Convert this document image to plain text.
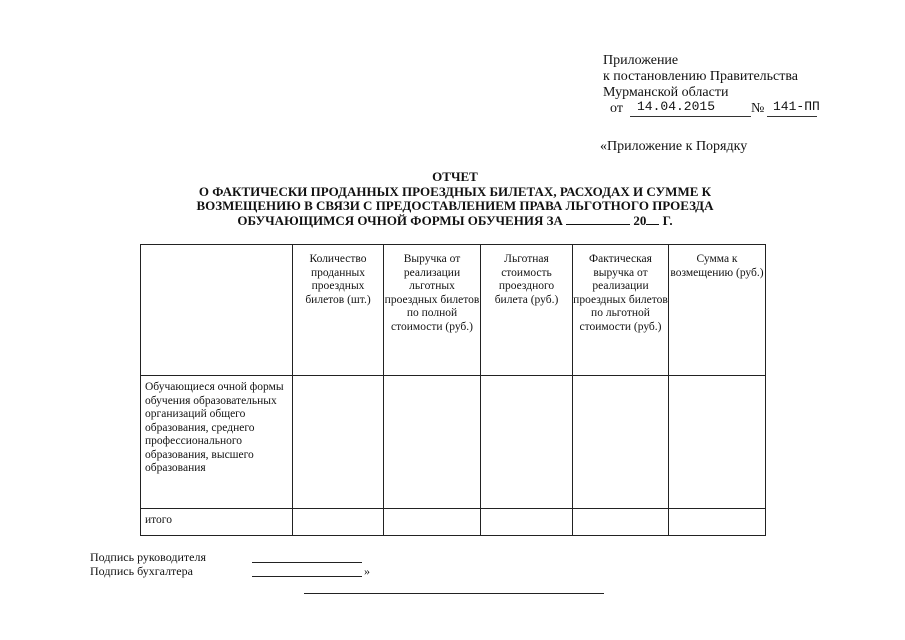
Приложение
к постановлению Правительства
Мурманской области
от 14.04.2015	№ 141-ПП
«Приложение к Порядку
ОТЧЕТ
О ФАКТИЧЕСКИ ПРОДАННЫХ ПРОЕЗДНЫХ БИЛЕТАХ, РАСХОДАХ И СУММЕ К
ВОЗМЕЩЕНИЮ В СВЯЗИ С ПРЕДОСТАВЛЕНИЕМ ПРАВА ЛЬГОТНОГО ПРОЕЗДА
ОБУЧАЮЩИМСЯ ОЧНОЙ ФОРМЫ ОБУЧЕНИЯ ЗА	20 Г.
	Количество проданных проездных билетов (шт.)	Выручка от реализации льготных проездных билетов по полной стоимости (руб.)	Льготная стоимость проездного билета (руб.)	Фактическая выручка от реализации проездных билетов по льготной стоимости (руб.)	Сумма к возмещению (руб.)
Обучающиеся очной формы обучения образовательных организаций общего образования, среднего профессионального образования, высшего образования					
итого					
Подпись руководителя
Подпись бухгалтера	»
